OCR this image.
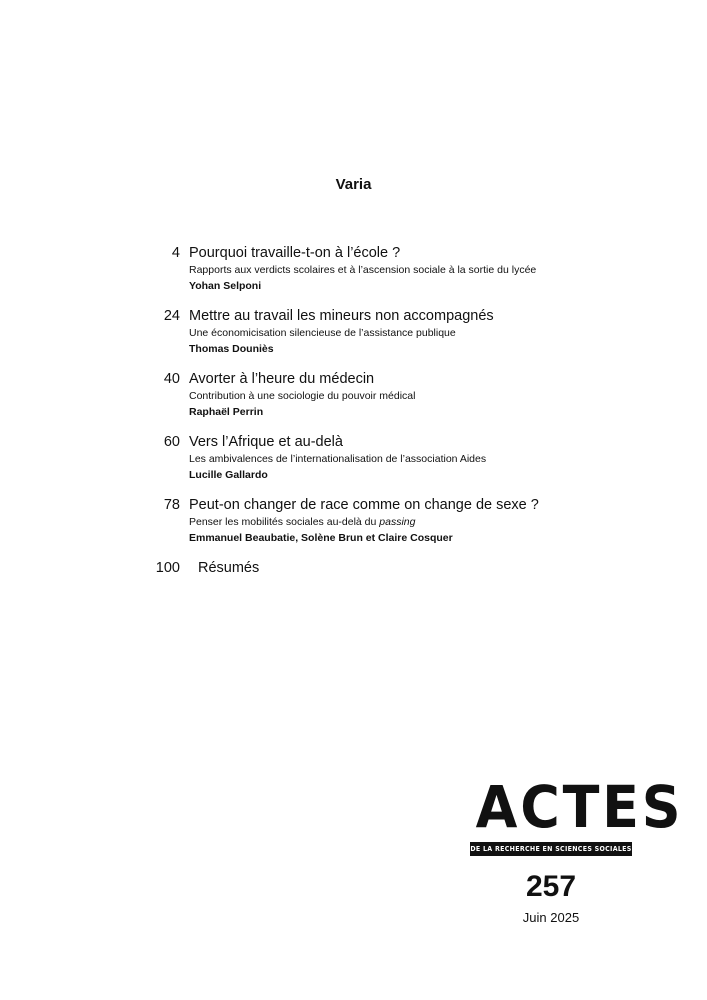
Varia
4 Pourquoi travaille-t-on à l’école ?
Rapports aux verdicts scolaires et à l’ascension sociale à la sortie du lycée
Yohan Selponi
24 Mettre au travail les mineurs non accompagnés
Une économicisation silencieuse de l’assistance publique
Thomas Douniès
40 Avorter à l’heure du médecin
Contribution à une sociologie du pouvoir médical
Raphaël Perrin
60 Vers l’Afrique et au-delà
Les ambivalences de l’internationalisation de l’association Aides
Lucille Gallardo
78 Peut-on changer de race comme on change de sexe ?
Penser les mobilités sociales au-delà du passing
Emmanuel Beaubatie, Solène Brun et Claire Cosquer
100 Résumés
ACTES
DE LA RECHERCHE EN SCIENCES SOCIALES
257
Juin 2025
